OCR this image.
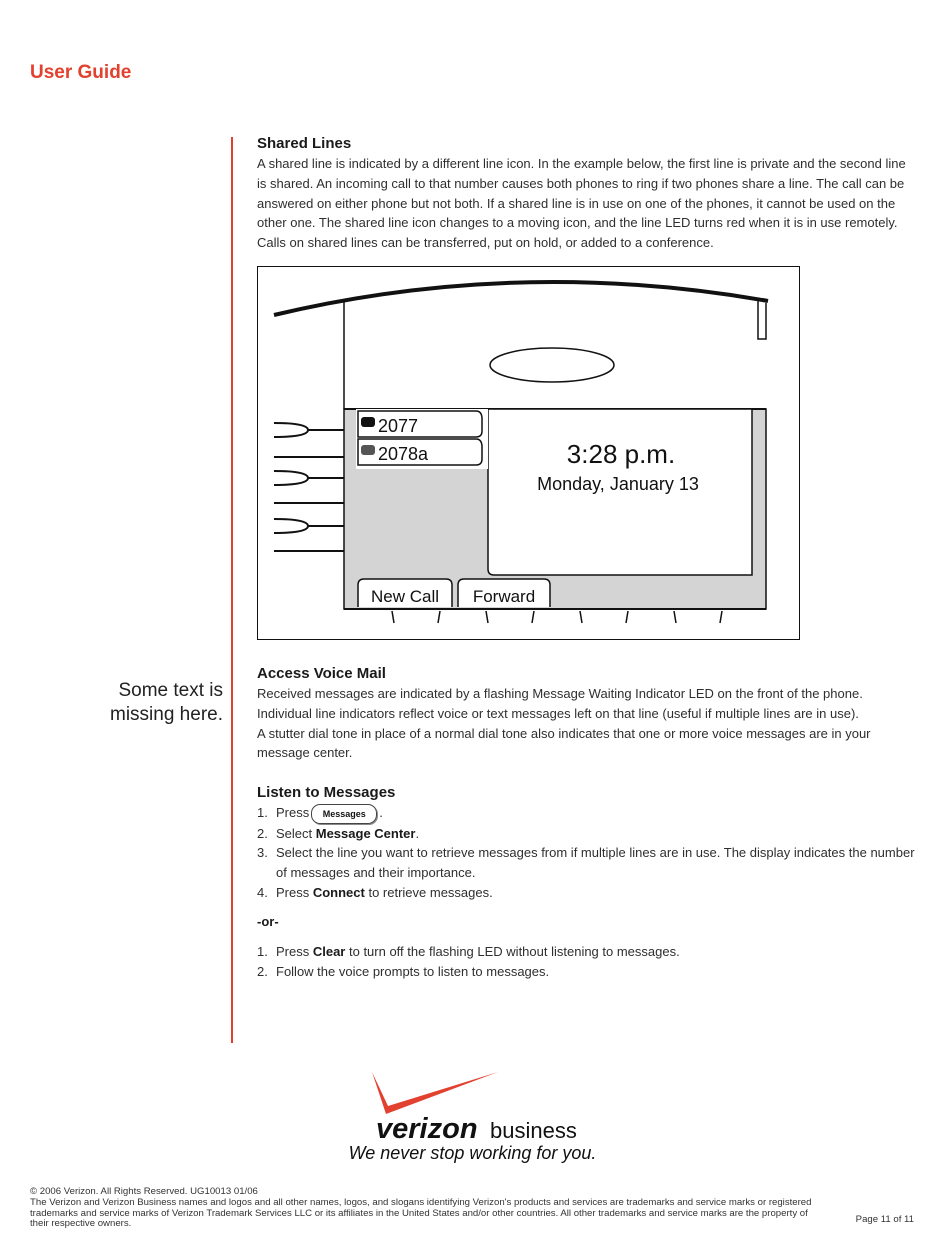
User Guide
Shared Lines

A shared line is indicated by a different line icon. In the example below, the first line is private and the second line is shared. An incoming call to that number causes both phones to ring if two phones share a line. The call can be answered on either phone but not both. If a shared line is in use on one of the phones, it cannot be used on the other one. The shared line icon changes to a moving icon, and the line LED turns red when it is in use remotely. Calls on shared lines can be transferred, put on hold, or added to a conference.

2077
2078a	3:28 p.m.
Monday, January 13
New Call Forward
Some text is missing here.
Access Voice Mail

Received messages are indicated by a flashing Message Waiting Indicator LED on the front of the phone. Individual line indicators reflect voice or text messages left on that line (useful if multiple lines are in use).

A stutter dial tone in place of a normal dial tone also indicates that one or more voice messages are in your message center.

Listen to Messages
1. Press Messages .
2. Select Message Center.
3. Select the line you want to retrieve messages from if multiple lines are in use. The display indicates the number of messages and their importance.
4. Press Connect to retrieve messages.
-or-
1. Press Clear to turn off the flashing LED without listening to messages.
2. Follow the voice prompts to listen to messages.
verizon business
We never stop working for you.
© 2006 Verizon. All Rights Reserved. UG10013 01/06
The Verizon and Verizon Business names and logos and all other names, logos, and slogans identifying Verizon's products and services are trademarks and service marks or registered trademarks and service marks of Verizon Trademark Services LLC or its affiliates in the United States and/or other countries. All other trademarks and service marks are the property of their respective owners.	Page 11 of 11
